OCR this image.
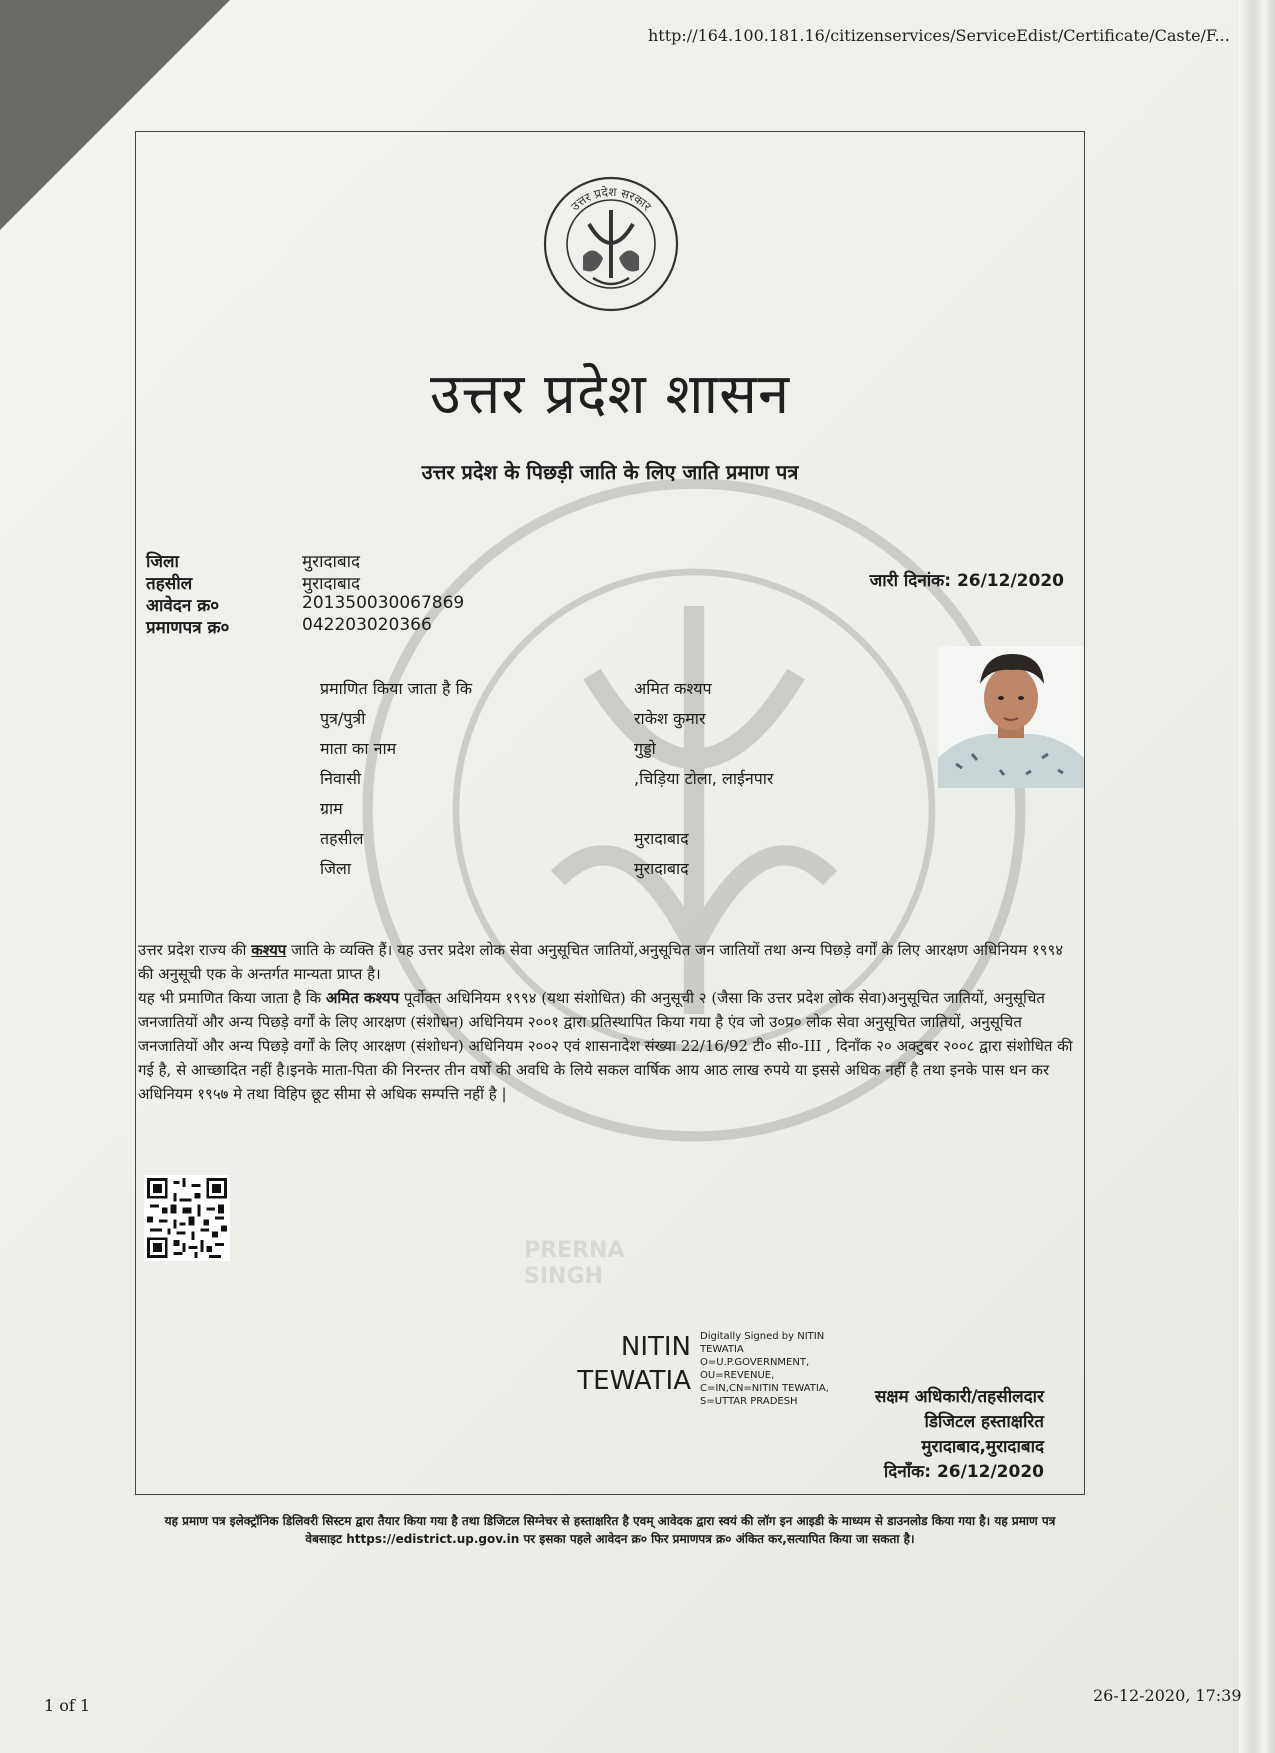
http://164.100.181.16/citizenservices/ServiceEdist/Certificate/Caste/F...
उत्तर प्रदेश सरकार
उत्तर प्रदेश शासन
उत्तर प्रदेश के पिछड़ी जाति के लिए जाति प्रमाण पत्र
जिला	मुरादाबाद
तहसील	मुरादाबाद
आवेदन क्र०	201350030067869
प्रमाणपत्र क्र०	042203020366
जारी दिनांक: 26/12/2020
प्रमाणित किया जाता है कि	अमित कश्यप
पुत्र/पुत्री	राकेश कुमार
माता का नाम	गुड्डो
निवासी	,चिड़िया टोला, लाईनपार
ग्राम
तहसील	मुरादाबाद
जिला	मुरादाबाद

उत्तर प्रदेश राज्य की कश्यप जाति के व्यक्ति हैं। यह उत्तर प्रदेश लोक सेवा अनुसूचित जातियों,अनुसूचित जन जातियों तथा अन्य पिछड़े वर्गों के लिए आरक्षण अधिनियम १९९४ की अनुसूची एक के अन्तर्गत मान्यता प्राप्त है।

यह भी प्रमाणित किया जाता है कि अमित कश्यप पूर्वोक्त अधिनियम १९९४ (यथा संशोधित) की अनुसूची २ (जैसा कि उत्तर प्रदेश लोक सेवा)अनुसूचित जातियों, अनुसूचित जनजातियों और अन्य पिछड़े वर्गों के लिए आरक्षण (संशोधन) अधिनियम २००१ द्वारा प्रतिस्थापित किया गया है एंव जो उ०प्र० लोक सेवा अनुसूचित जातियों, अनुसूचित जनजातियों और अन्य पिछड़े वर्गों के लिए आरक्षण (संशोधन) अधिनियम २००२ एवं शासनादेश संख्या 22/16/92 टी० सी०-III , दिनाँक २० अक्टुबर २००८ द्वारा संशोधित की गई है, से आच्छादित नहीं है।इनके माता-पिता की निरन्तर तीन वर्षो की अवधि के लिये सकल वार्षिक आय आठ लाख रुपये या इससे अधिक नहीं है तथा इनके पास धन कर अधिनियम १९५७ मे तथा विहिप छूट सीमा से अधिक सम्पत्ति नहीं है |

PRERNA
SINGH
NITIN
TEWATIA
Digitally Signed by NITIN TEWATIA O=U.P.GOVERNMENT, OU=REVENUE, C=IN,CN=NITIN TEWATIA, S=UTTAR PRADESH	सक्षम अधिकारी/तहसीलदार
डिजिटल हस्ताक्षरित
मुरादाबाद,मुरादाबाद
दिनाँक: 26/12/2020
यह प्रमाण पत्र इलेक्ट्रॉनिक डिलिवरी सिस्टम द्वारा तैयार किया गया है तथा डिजिटल सिग्नेचर से हस्ताक्षरित है एवम् आवेदक द्वारा स्वयं की लॉग इन आइडी के माध्यम से डाउनलोड किया गया है। यह प्रमाण पत्र वेबसाइट https://edistrict.up.gov.in पर इसका पहले आवेदन क्र० फिर प्रमाणपत्र क्र० अंकित कर,सत्यापित किया जा सकता है।
1 of 1
26-12-2020, 17:39
